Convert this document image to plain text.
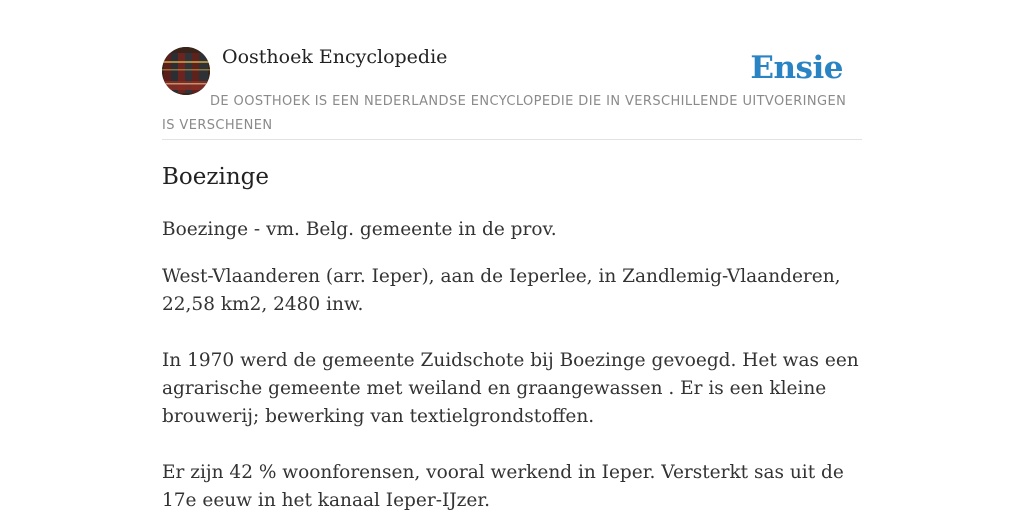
Oosthoek Encyclopedie	Ensie
DE OOSTHOEK IS EEN NEDERLANDSE ENCYCLOPEDIE DIE IN VERSCHILLENDE UITVOERINGEN IS VERSCHENEN
Boezinge
Boezinge - vm. Belg. gemeente in de prov.
West-Vlaanderen (arr. Ieper), aan de Ieperlee, in Zandlemig-Vlaanderen, 22,58 km2, 2480 inw.
In 1970 werd de gemeente Zuidschote bij Boezinge gevoegd. Het was een agrarische gemeente met weiland en graangewassen . Er is een kleine brouwerij; bewerking van textielgrondstoffen.
Er zijn 42 % woonforensen, vooral werkend in Ieper. Versterkt sas uit de 17e eeuw in het kanaal Ieper-IJzer.
